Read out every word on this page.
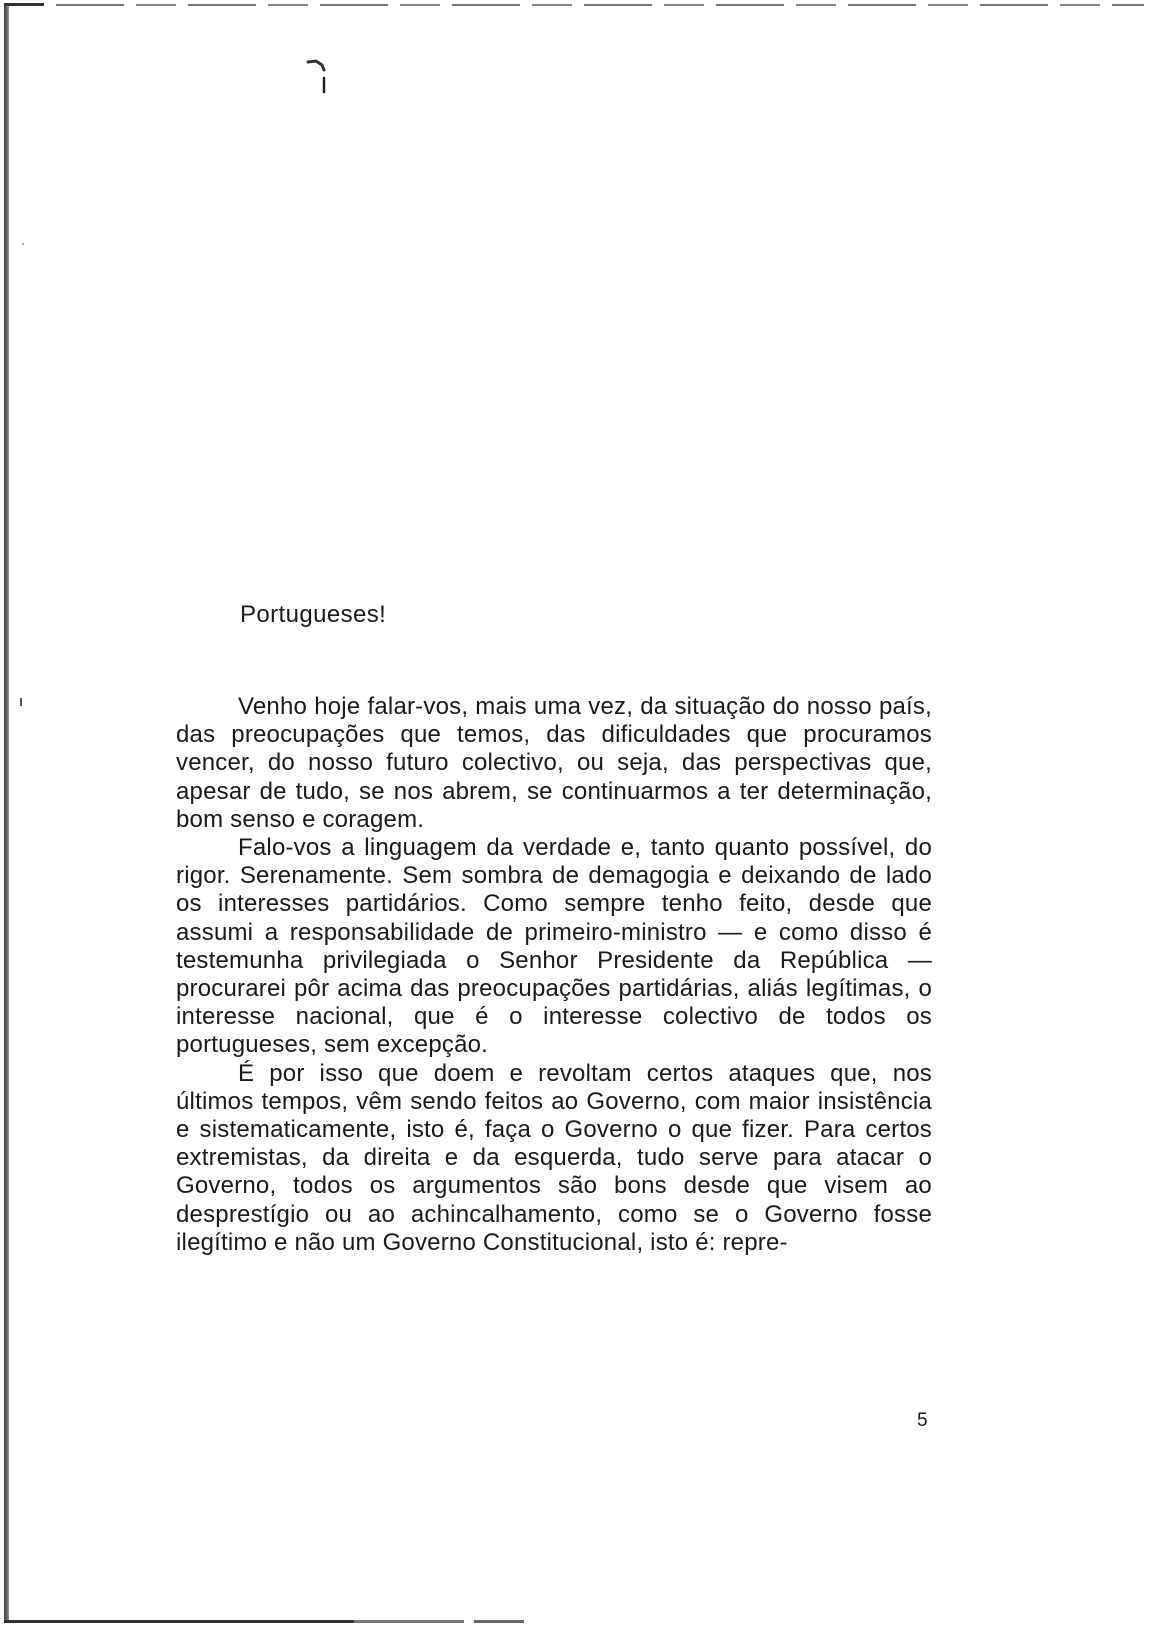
Portugueses!

Venho hoje falar-vos, mais uma vez, da situação do nosso país, das preocupações que temos, das dificuldades que procuramos vencer, do nosso futuro colectivo, ou seja, das perspectivas que, apesar de tudo, se nos abrem, se continuarmos a ter determinação, bom senso e coragem.

Falo-vos a linguagem da verdade e, tanto quanto possível, do rigor. Serenamente. Sem sombra de demagogia e deixando de lado os interesses partidários. Como sempre tenho feito, desde que assumi a responsabilidade de primeiro-ministro — e como disso é testemunha privilegiada o Senhor Presidente da República — procurarei pôr acima das preocupações partidárias, aliás legítimas, o interesse nacional, que é o interesse colectivo de todos os portugueses, sem excepção.

É por isso que doem e revoltam certos ataques que, nos últimos tempos, vêm sendo feitos ao Governo, com maior insistência e sistematicamente, isto é, faça o Governo o que fizer. Para certos extremistas, da direita e da esquerda, tudo serve para atacar o Governo, todos os argumentos são bons desde que visem ao desprestígio ou ao achincalhamento, como se o Governo fosse ilegítimo e não um Governo Constitucional, isto é: repre-

5
